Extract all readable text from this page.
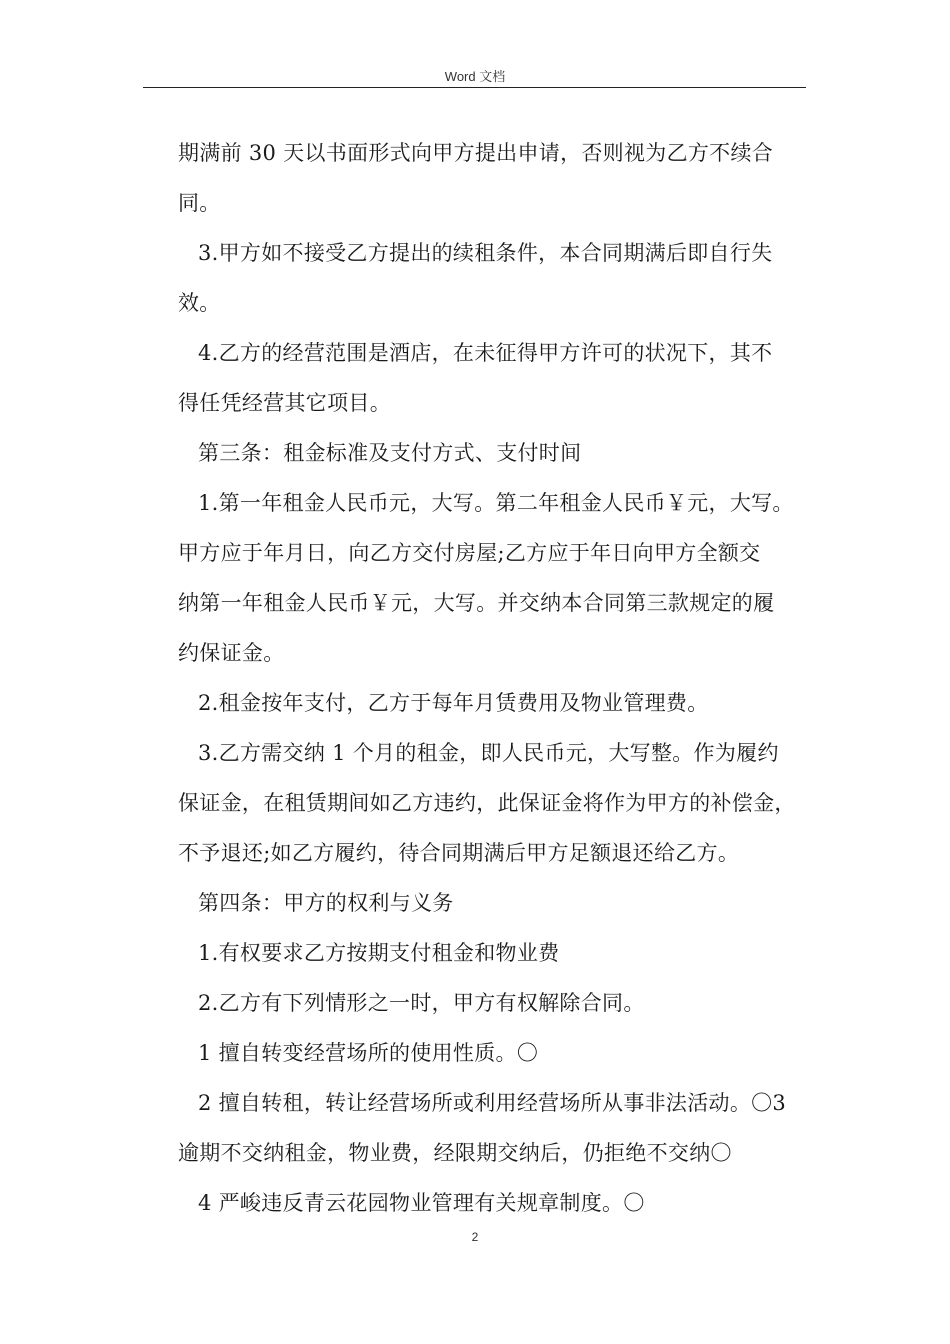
Word 文档
期满前 30 天以书面形式向甲方提出申请，否则视为乙方不续合
同。
3.甲方如不接受乙方提出的续租条件，本合同期满后即自行失
效。
4.乙方的经营范围是酒店，在未征得甲方许可的状况下，其不
得任凭经营其它项目。
第三条：租金标准及支付方式、支付时间
1.第一年租金人民币元，大写。第二年租金人民币￥元，大写。
甲方应于年月日，向乙方交付房屋;乙方应于年日向甲方全额交
纳第一年租金人民币￥元，大写。并交纳本合同第三款规定的履
约保证金。
2.租金按年支付，乙方于每年月赁费用及物业管理费。
3.乙方需交纳 1 个月的租金，即人民币元，大写整。作为履约
保证金，在租赁期间如乙方违约，此保证金将作为甲方的补偿金，
不予退还;如乙方履约，待合同期满后甲方足额退还给乙方。
第四条：甲方的权利与义务
1.有权要求乙方按期支付租金和物业费
2.乙方有下列情形之一时，甲方有权解除合同。
1 擅自转变经营场所的使用性质。〇
2 擅自转租，转让经营场所或利用经营场所从事非法活动。〇3
逾期不交纳租金，物业费，经限期交纳后，仍拒绝不交纳〇
4 严峻违反青云花园物业管理有关规章制度。〇
2
